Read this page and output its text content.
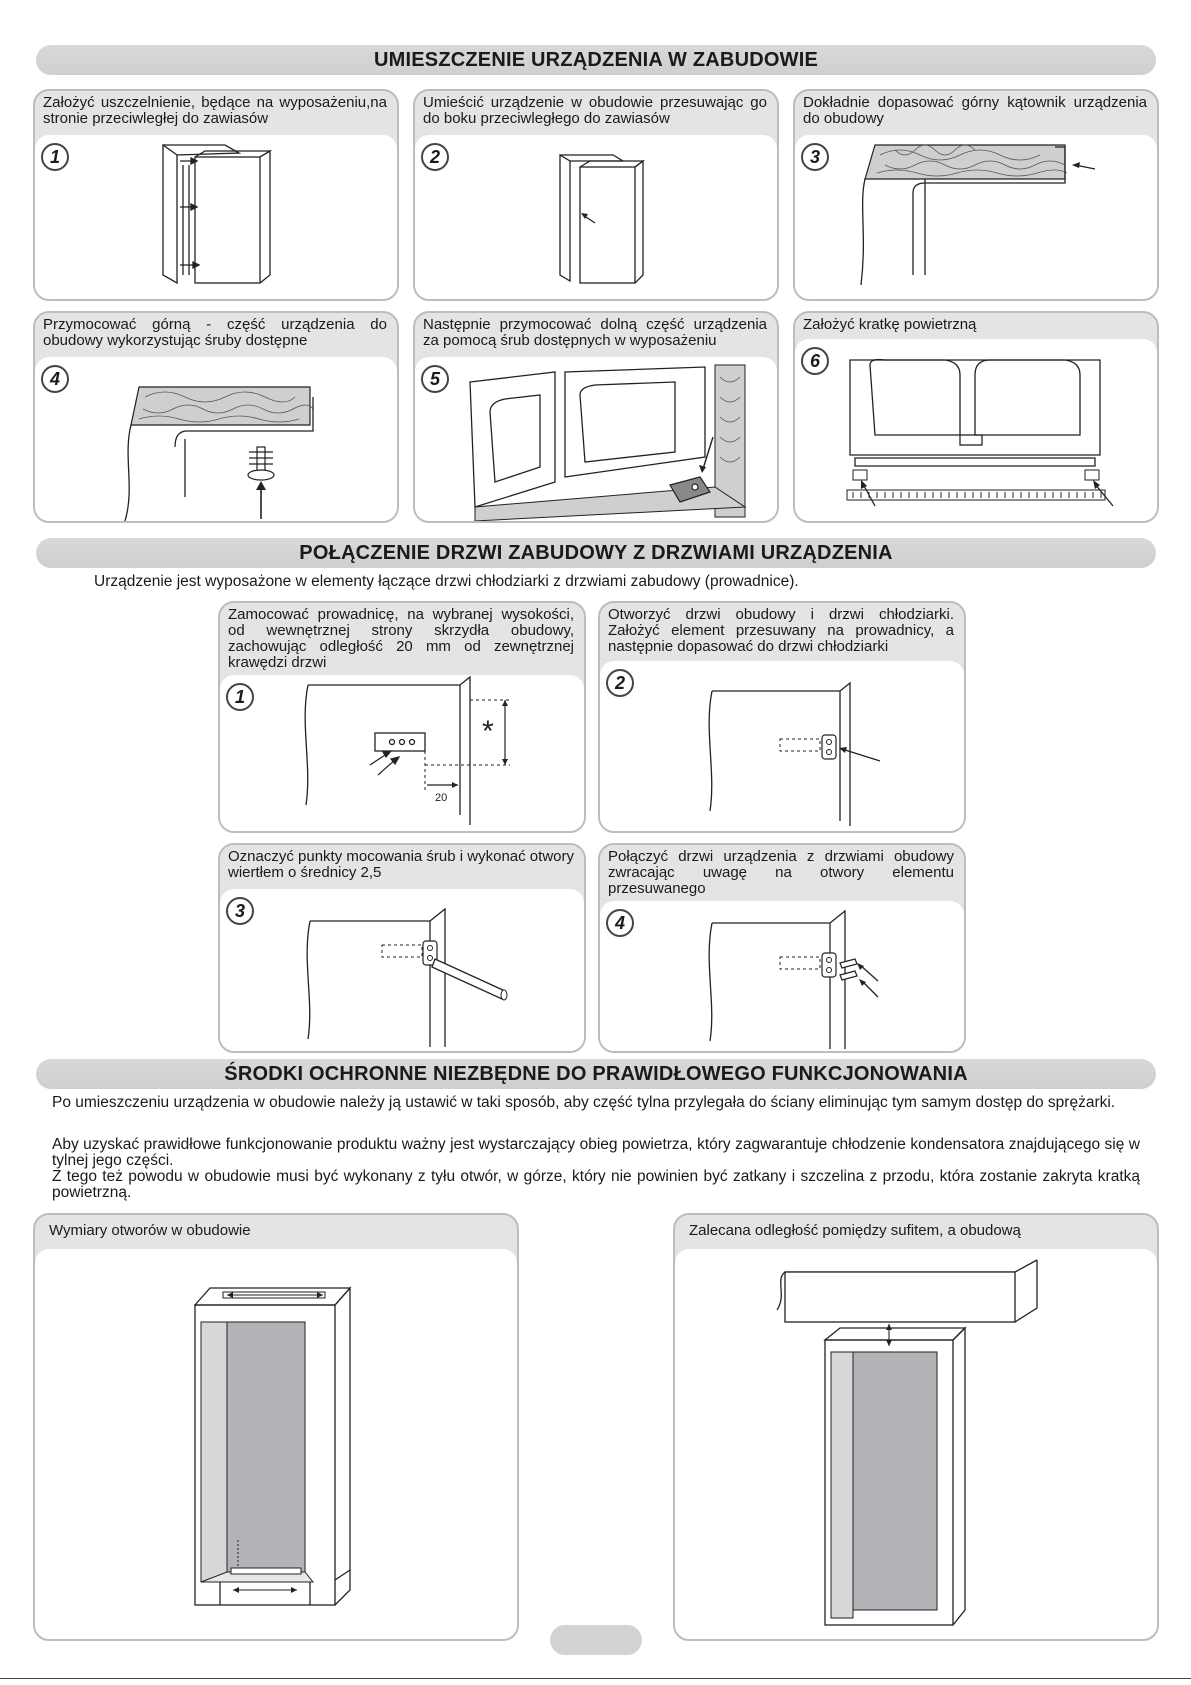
UMIESZCZENIE URZĄDZENIA W ZABUDOWIE
Założyć uszczelnienie, będące na wyposażeniu,na stronie przeciwległej do zawiasów
1
Umieścić urządzenie w obudowie przesuwając go do boku przeciwległego do zawiasów
2
Dokładnie dopasować górny kątownik urządzenia do obudowy
3
Przymocować górną - część urządzenia do obudowy wykorzystując śruby dostępne
4
Następnie przymocować dolną część urządzenia za pomocą śrub dostępnych w wyposażeniu
5
Założyć kratkę powietrzną
6
POŁĄCZENIE DRZWI ZABUDOWY Z DRZWIAMI URZĄDZENIA
Urządzenie jest wyposażone w elementy łączące drzwi chłodziarki z drzwiami zabudowy (prowadnice).
Zamocować prowadnicę, na wybranej wysokości, od wewnętrznej strony skrzydła obudowy, zachowując odległość 20 mm od zewnętrznej krawędzi drzwi
1
*
20
Otworzyć drzwi obudowy i drzwi chłodziarki. Założyć element przesuwany na prowadnicy, a następnie dopasować do drzwi chłodziarki
2
Oznaczyć punkty mocowania śrub i wykonać otwory wiertłem o średnicy 2,5
3
Połączyć drzwi urządzenia z drzwiami obudowy zwracając uwagę na otwory elementu przesuwanego
4
ŚRODKI OCHRONNE NIEZBĘDNE DO PRAWIDŁOWEGO FUNKCJONOWANIA
Po umieszczeniu urządzenia w obudowie należy ją ustawić w taki sposób, aby część tylna przylegała do ściany eliminując tym samym dostęp do sprężarki.
Aby uzyskać prawidłowe funkcjonowanie produktu ważny jest wystarczający obieg powietrza, który zagwarantuje chłodzenie kondensatora znajdującego się w tylnej jego części.
Z tego też powodu w obudowie musi być wykonany z tyłu otwór, w górze, który nie powinien być zatkany i szczelina z przodu, która zostanie zakryta kratką powietrzną.
Wymiary otworów w obudowie	Zalecana odległość pomiędzy sufitem, a obudową
